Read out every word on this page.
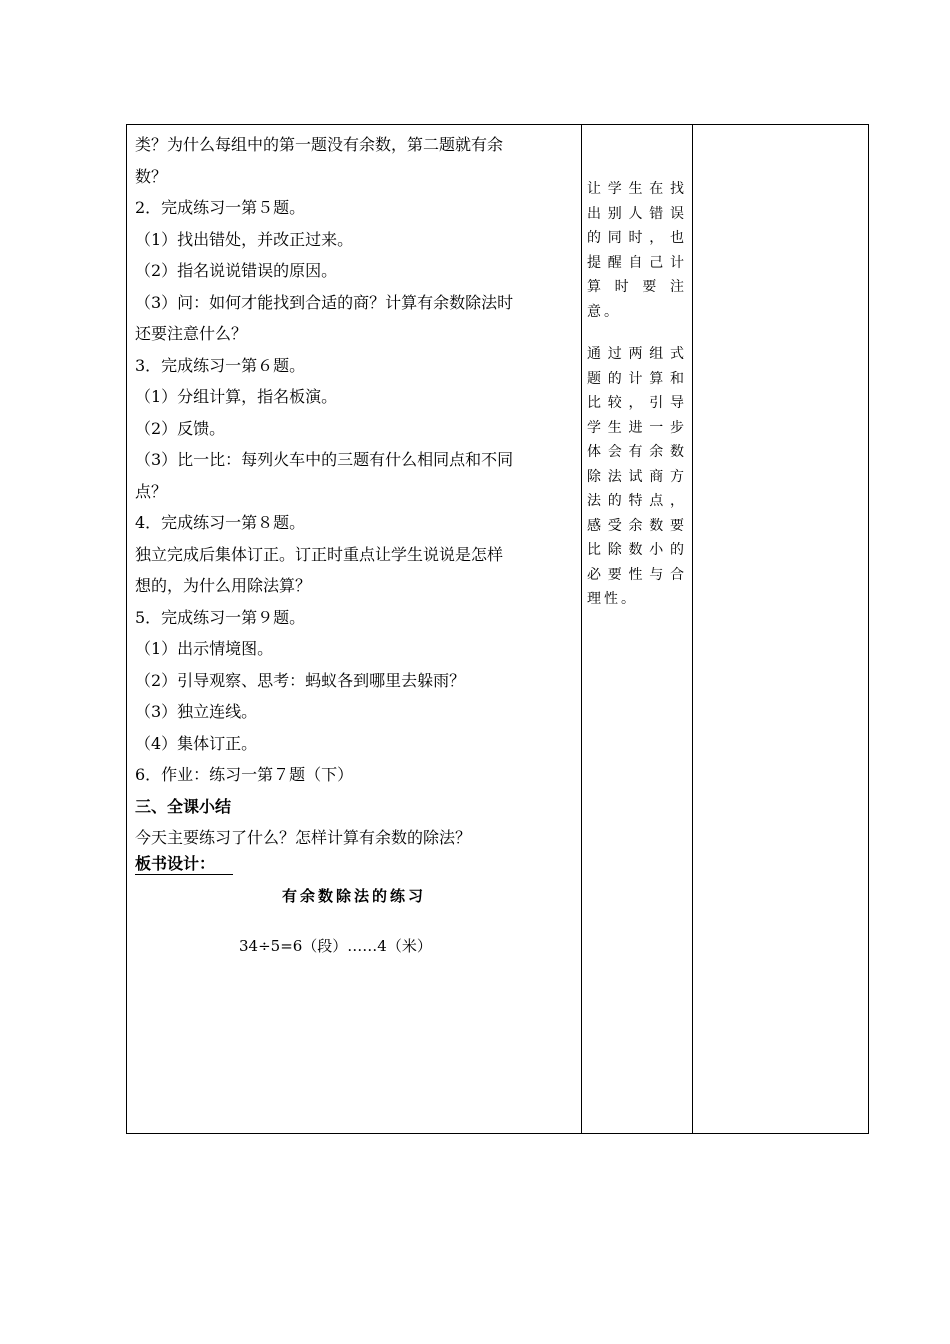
类？为什么每组中的第一题没有余数，第二题就有余
数？
2．完成练习一第５题。
（1）找出错处，并改正过来。
（2）指名说说错误的原因。
（3）问：如何才能找到合适的商？计算有余数除法时
还要注意什么？
3．完成练习一第６题。
（1）分组计算，指名板演。
（2）反馈。
（3）比一比：每列火车中的三题有什么相同点和不同
点？
4．完成练习一第８题。
独立完成后集体订正。订正时重点让学生说说是怎样
想的，为什么用除法算？
5．完成练习一第９题。
（1）出示情境图。
（2）引导观察、思考：蚂蚁各到哪里去躲雨？
（3）独立连线。
（4）集体订正。
6．作业：练习一第７题（下）
三、全课小结
今天主要练习了什么？怎样计算有余数的除法？
板书设计：
有余数除法的练习
34÷5=6（段）……4（米）
让学生在找出别人错误的同时，也提醒自己计算时要注意。
通过两组式题的计算和比较，引导学生进一步体会有余数除法试商方法的特点，感受余数要比除数小的必要性与合理性。
